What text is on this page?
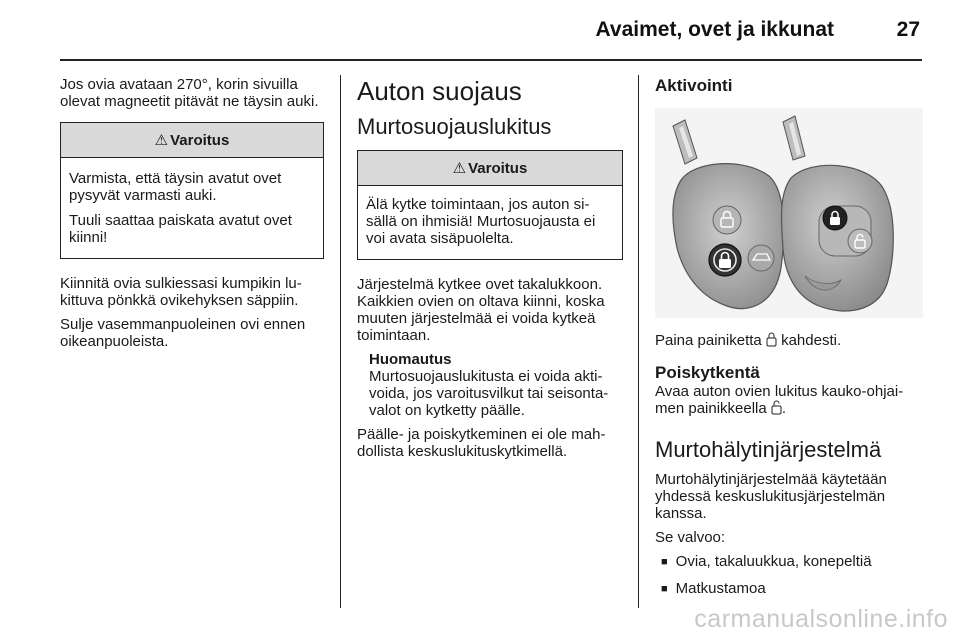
Avaimet, ovet ja ikkunat	27

Jos ovia avataan 270°, korin sivuilla olevat magneetit pitävät ne täysin auki.

⚠ Varoitus

Varmista, että täysin avatut ovet pysyvät varmasti auki.

Tuuli saattaa paiskata avatut ovet kiinni!

Kiinnitä ovia sulkiessasi kumpikin lu-kittuva pönkkä ovikehyksen säppiin.

Sulje vasemmanpuoleinen ovi ennen oikeanpuoleista.

Auton suojaus
Murtosuojauslukitus
⚠ Varoitus

Älä kytke toimintaan, jos auton si-sällä on ihmisiä! Murtosuojausta ei voi avata sisäpuolelta.

Järjestelmä kytkee ovet takalukkoon. Kaikkien ovien on oltava kiinni, koska muuten järjestelmää ei voida kytkeä toimintaan.

Huomautus

Murtosuojauslukitusta ei voida akti-voida, jos varoitusvilkut tai seisonta-valot on kytketty päälle.

Päälle- ja poiskytkeminen ei ole mah-dollista keskuslukituskytkimellä.

Aktivointi

Paina painiketta kahdesti.

Poiskytkentä

Avaa auton ovien lukitus kauko-ohjai-men painikkeella .

Murtohälytinjärjestelmä

Murtohälytinjärjestelmää käytetään yhdessä keskuslukitusjärjestelmän kanssa.

Se valvoo:

■ Ovia, takaluukkua, konepeltiä
■ Matkustamoa
carmanualsonline.info
